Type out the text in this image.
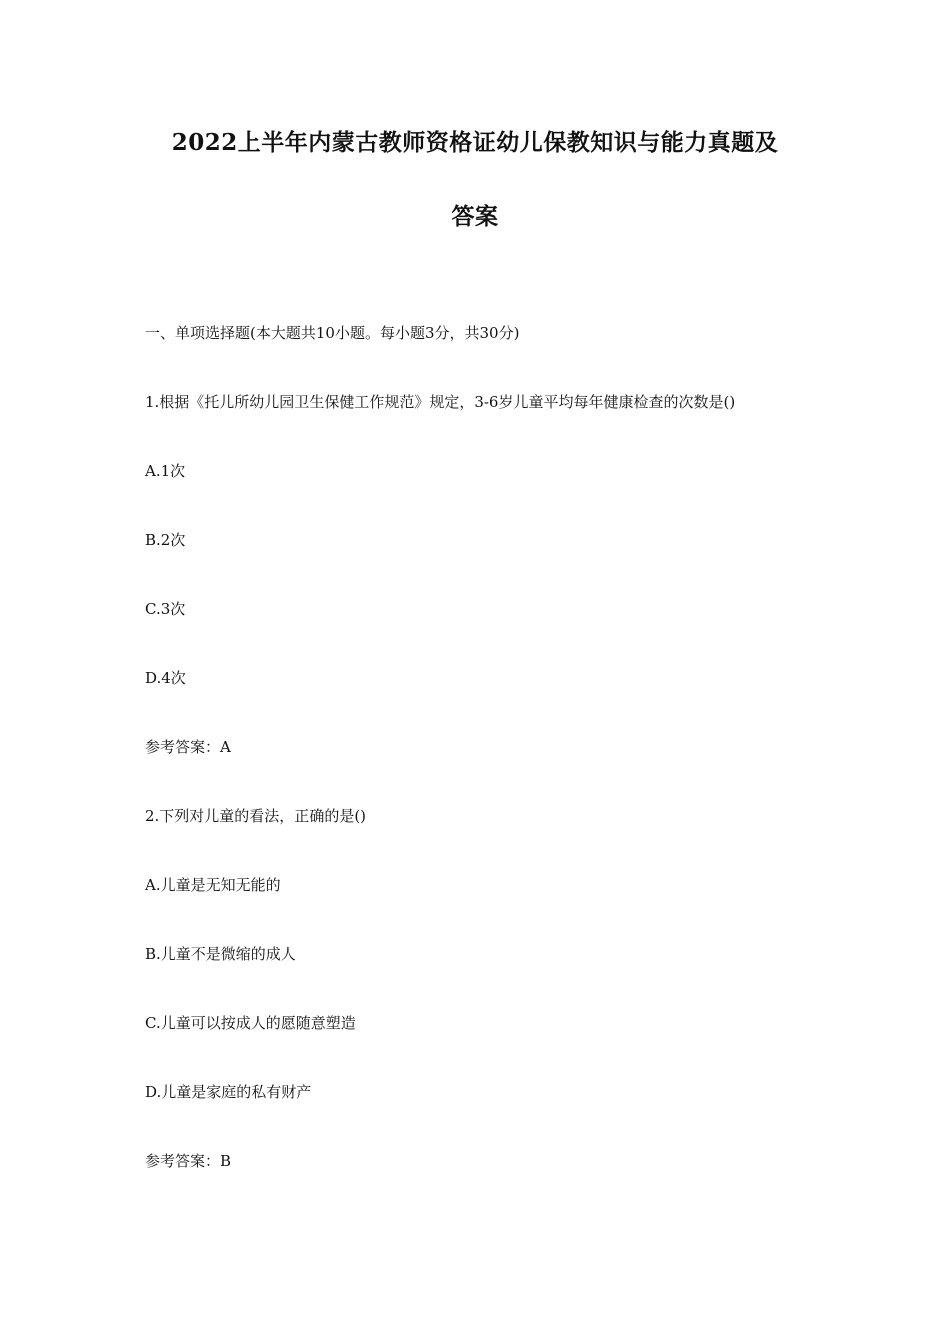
2022上半年内蒙古教师资格证幼儿保教知识与能力真题及
答案

一、单项选择题(本大题共10小题。每小题3分，共30分)

1.根据《托儿所幼儿园卫生保健工作规范》规定，3-6岁儿童平均每年健康检查的次数是()

A.1次

B.2次

C.3次

D.4次

参考答案：A

2.下列对儿童的看法，正确的是()

A.儿童是无知无能的

B.儿童不是微缩的成人

C.儿童可以按成人的愿随意塑造

D.儿童是家庭的私有财产

参考答案：B
